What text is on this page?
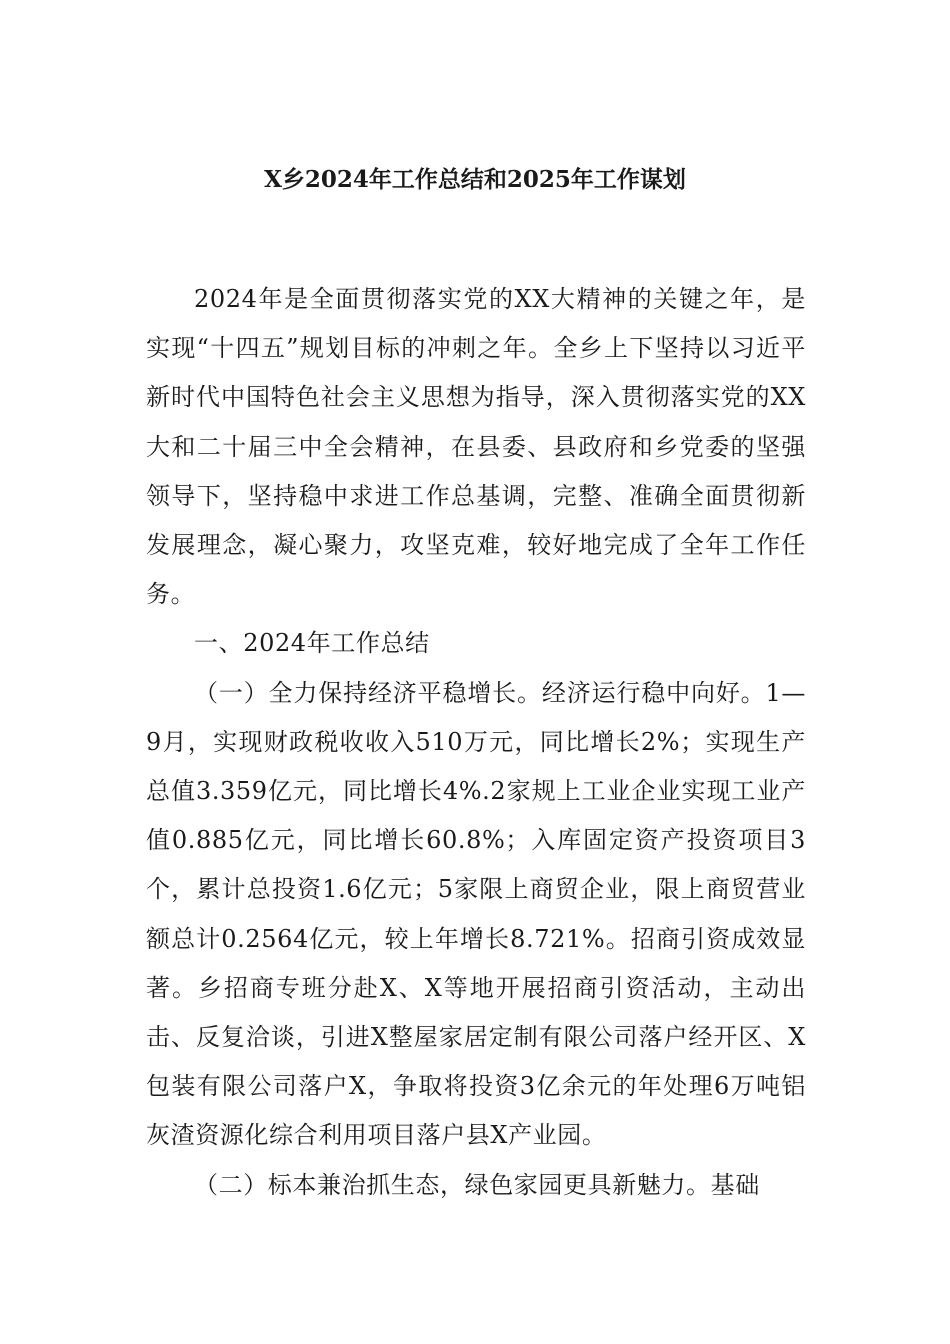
X乡2024年工作总结和2025年工作谋划

2024年是全面贯彻落实党的XX大精神的关键之年，是实现“十四五”规划目标的冲刺之年。全乡上下坚持以习近平新时代中国特色社会主义思想为指导，深入贯彻落实党的XX大和二十届三中全会精神，在县委、县政府和乡党委的坚强领导下，坚持稳中求进工作总基调，完整、准确全面贯彻新发展理念，凝心聚力，攻坚克难，较好地完成了全年工作任务。

一、2024年工作总结

（一）全力保持经济平稳增长。经济运行稳中向好。1—9月，实现财政税收收入510万元，同比增长2%；实现生产总值3.359亿元，同比增长4%.2家规上工业企业实现工业产值0.885亿元，同比增长60.8%；入库固定资产投资项目3个，累计总投资1.6亿元；5家限上商贸企业，限上商贸营业额总计0.2564亿元，较上年增长8.721%。招商引资成效显著。乡招商专班分赴X、X等地开展招商引资活动，主动出击、反复洽谈，引进X整屋家居定制有限公司落户经开区、X包装有限公司落户X，争取将投资3亿余元的年处理6万吨铝灰渣资源化综合利用项目落户县X产业园。

（二）标本兼治抓生态，绿色家园更具新魅力。基础
